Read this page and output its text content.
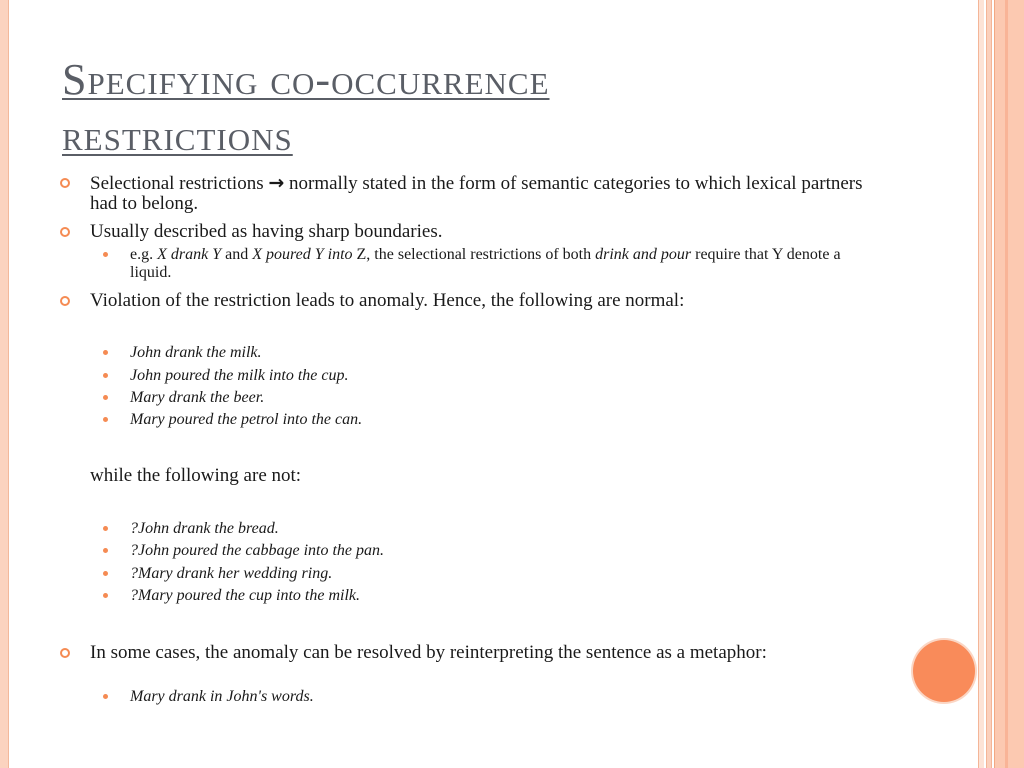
Specifying co-occurrence
restrictions
Selectional restrictions → normally stated in the form of semantic categories to which lexical partners had to belong.
Usually described as having sharp boundaries.
e.g. X drank Y and X poured Y into Z, the selectional restrictions of both drink and pour require that Y denote a liquid.
Violation of the restriction leads to anomaly. Hence, the following are normal:
John drank the milk.
John poured the milk into the cup.
Mary drank the beer.
Mary poured the petrol into the can.
while the following are not:
?John drank the bread.
?John poured the cabbage into the pan.
?Mary drank her wedding ring.
?Mary poured the cup into the milk.
In some cases, the anomaly can be resolved by reinterpreting the sentence as a metaphor:
Mary drank in John's words.
